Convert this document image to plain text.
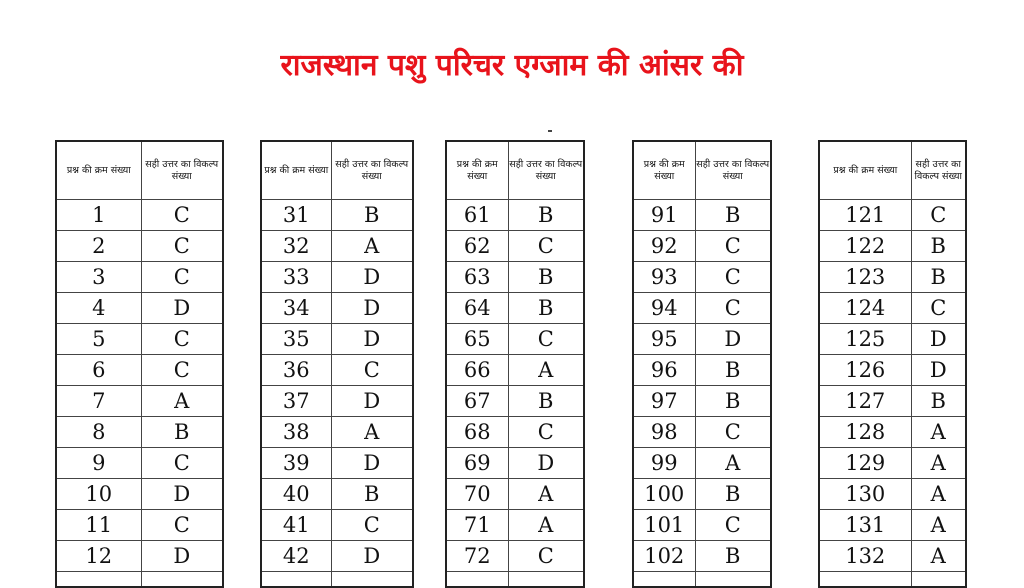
राजस्थान पशु परिचर एग्जाम की आंसर की
प्रश्न की क्रम संख्या	सही उत्तर का विकल्प संख्या
1	C
2	C
3	C
4	D
5	C
6	C
7	A
8	B
9	C
10	D
11	C
12	D

प्रश्न की क्रम संख्या	सही उत्तर का विकल्प संख्या
31	B
32	A
33	D
34	D
35	D
36	C
37	D
38	A
39	D
40	B
41	C
42	D

प्रश्न की क्रम संख्या	सही उत्तर का विकल्प संख्या
61	B
62	C
63	B
64	B
65	C
66	A
67	B
68	C
69	D
70	A
71	A
72	C

प्रश्न की क्रम संख्या	सही उत्तर का विकल्प संख्या
91	B
92	C
93	C
94	C
95	D
96	B
97	B
98	C
99	A
100	B
101	C
102	B

प्रश्न की क्रम संख्या	सही उत्तर का विकल्प संख्या
121	C
122	B
123	B
124	C
125	D
126	D
127	B
128	A
129	A
130	A
131	A
132	A
